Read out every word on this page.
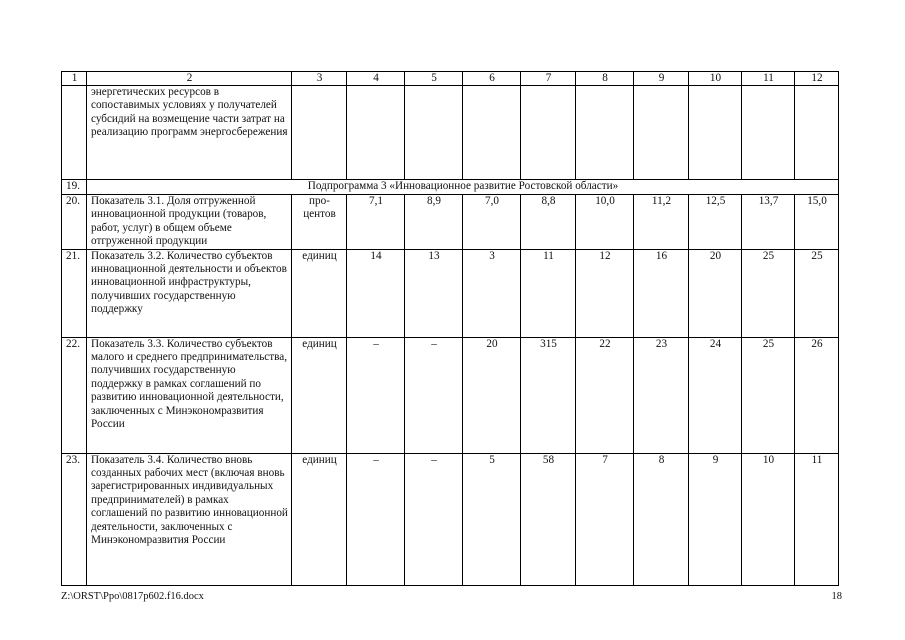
1	2	3	4	5	6	7	8	9	10	11	12
	энергетических ресурсов в сопоставимых условиях у получателей субсидий на возмещение части затрат на реализацию программ энергосбережения										
19.	Подпрограмма 3 «Инновационное развитие Ростовской области»										
20.	Показатель 3.1. Доля отгруженной инновационной продукции (товаров, работ, услуг) в общем объеме отгруженной продукции	про-центов	7,1	8,9	7,0	8,8	10,0	11,2	12,5	13,7	15,0
21.	Показатель 3.2. Количество субъектов инновационной деятельности и объектов инновационной инфраструктуры, получивших государственную поддержку	единиц	14	13	3	11	12	16	20	25	25
22.	Показатель 3.3. Количество субъектов малого и среднего предпринимательства, получивших государственную поддержку в рамках соглашений по развитию инновационной деятельности, заключенных с Минэкономразвития России	единиц	–	–	20	315	22	23	24	25	26
23.	Показатель 3.4. Количество вновь созданных рабочих мест (включая вновь зарегистрированных индивидуальных предпринимателей) в рамках соглашений по развитию инновационной деятельности, заключенных с Минэкономразвития России	единиц	–	–	5	58	7	8	9	10	11
Z:\ORST\Ppo\0817p602.f16.docx	18
